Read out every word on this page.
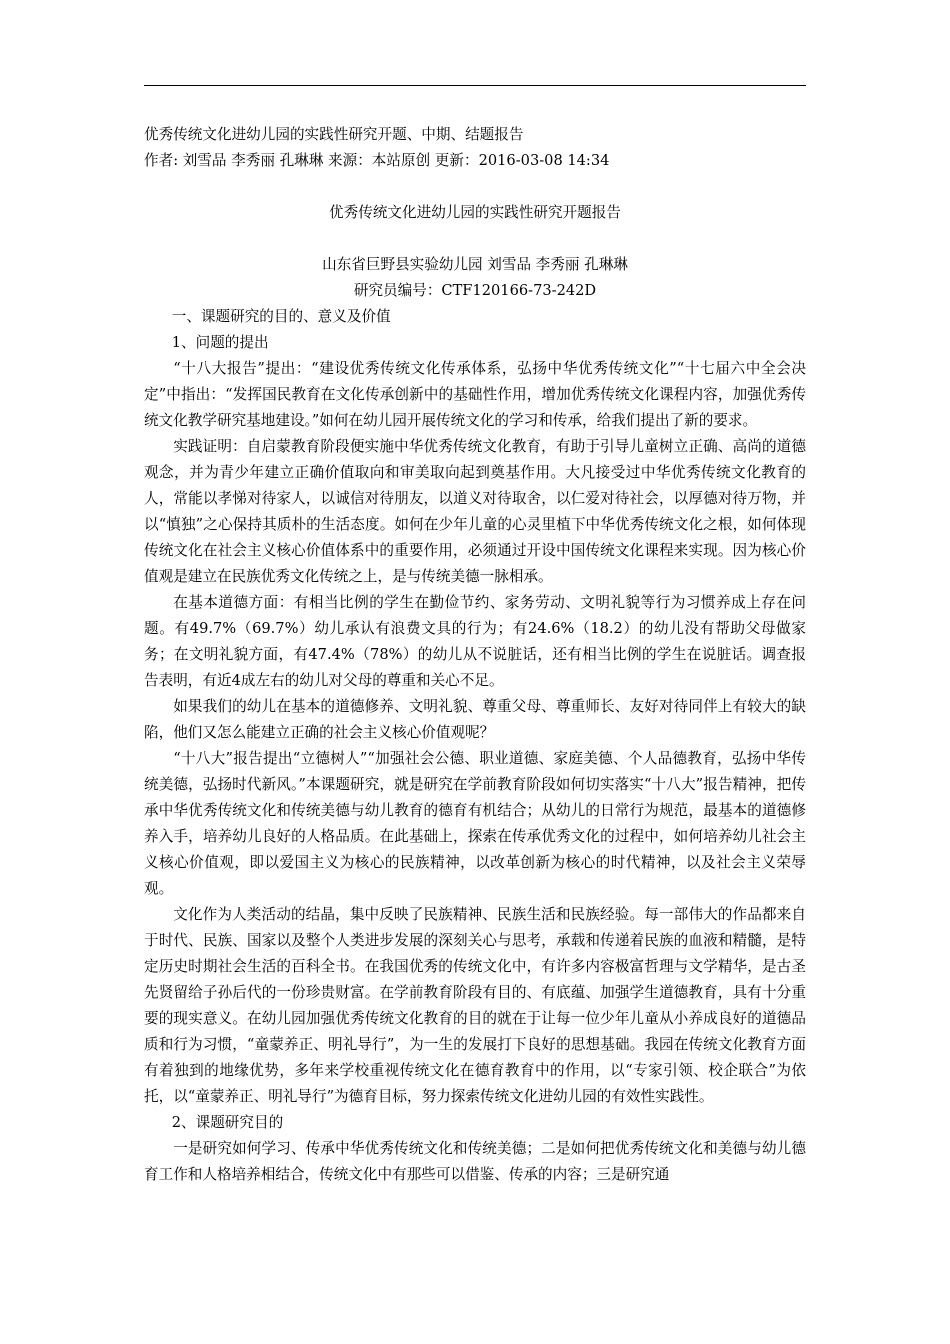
优秀传统文化进幼儿园的实践性研究开题、中期、结题报告

作者: 刘雪品 李秀丽 孔琳琳 来源：本站原创 更新：2016-03-08 14:34

优秀传统文化进幼儿园的实践性研究开题报告

山东省巨野县实验幼儿园 刘雪品 李秀丽 孔琳琳

研究员编号：CTF120166-73-242D

一、课题研究的目的、意义及价值

1、问题的提出

“十八大报告”提出：“建设优秀传统文化传承体系，弘扬中华优秀传统文化”“十七届六中全会决定”中指出：“发挥国民教育在文化传承创新中的基础性作用，增加优秀传统文化课程内容，加强优秀传统文化教学研究基地建设。”如何在幼儿园开展传统文化的学习和传承，给我们提出了新的要求。

实践证明：自启蒙教育阶段便实施中华优秀传统文化教育，有助于引导儿童树立正确、高尚的道德观念，并为青少年建立正确价值取向和审美取向起到奠基作用。大凡接受过中华优秀传统文化教育的人，常能以孝悌对待家人，以诚信对待朋友，以道义对待取舍，以仁爱对待社会，以厚德对待万物，并以“慎独”之心保持其质朴的生活态度。如何在少年儿童的心灵里植下中华优秀传统文化之根，如何体现传统文化在社会主义核心价值体系中的重要作用，必须通过开设中国传统文化课程来实现。因为核心价值观是建立在民族优秀文化传统之上，是与传统美德一脉相承。

在基本道德方面：有相当比例的学生在勤俭节约、家务劳动、文明礼貌等行为习惯养成上存在问题。有49.7%（69.7%）幼儿承认有浪费文具的行为；有24.6%（18.2）的幼儿没有帮助父母做家务；在文明礼貌方面，有47.4%（78%）的幼儿从不说脏话，还有相当比例的学生在说脏话。调查报告表明，有近4成左右的幼儿对父母的尊重和关心不足。

如果我们的幼儿在基本的道德修养、文明礼貌、尊重父母、尊重师长、友好对待同伴上有较大的缺陷，他们又怎么能建立正确的社会主义核心价值观呢？

“十八大”报告提出“立德树人”“加强社会公德、职业道德、家庭美德、个人品德教育，弘扬中华传统美德，弘扬时代新风。”本课题研究，就是研究在学前教育阶段如何切实落实“十八大”报告精神，把传承中华优秀传统文化和传统美德与幼儿教育的德育有机结合；从幼儿的日常行为规范，最基本的道德修养入手，培养幼儿良好的人格品质。在此基础上，探索在传承优秀文化的过程中，如何培养幼儿社会主义核心价值观，即以爱国主义为核心的民族精神，以改革创新为核心的时代精神，以及社会主义荣辱观。

文化作为人类活动的结晶，集中反映了民族精神、民族生活和民族经验。每一部伟大的作品都来自于时代、民族、国家以及整个人类进步发展的深刻关心与思考，承载和传递着民族的血液和精髓，是特定历史时期社会生活的百科全书。在我国优秀的传统文化中，有许多内容极富哲理与文学精华，是古圣先贤留给子孙后代的一份珍贵财富。在学前教育阶段有目的、有底蕴、加强学生道德教育，具有十分重要的现实意义。在幼儿园加强优秀传统文化教育的目的就在于让每一位少年儿童从小养成良好的道德品质和行为习惯，“童蒙养正、明礼导行”，为一生的发展打下良好的思想基础。我园在传统文化教育方面有着独到的地缘优势，多年来学校重视传统文化在德育教育中的作用，以“专家引领、校企联合”为依托，以“童蒙养正、明礼导行”为德育目标，努力探索传统文化进幼儿园的有效性实践性。

2、课题研究目的

一是研究如何学习、传承中华优秀传统文化和传统美德；二是如何把优秀传统文化和美德与幼儿德育工作和人格培养相结合，传统文化中有那些可以借鉴、传承的内容；三是研究通
